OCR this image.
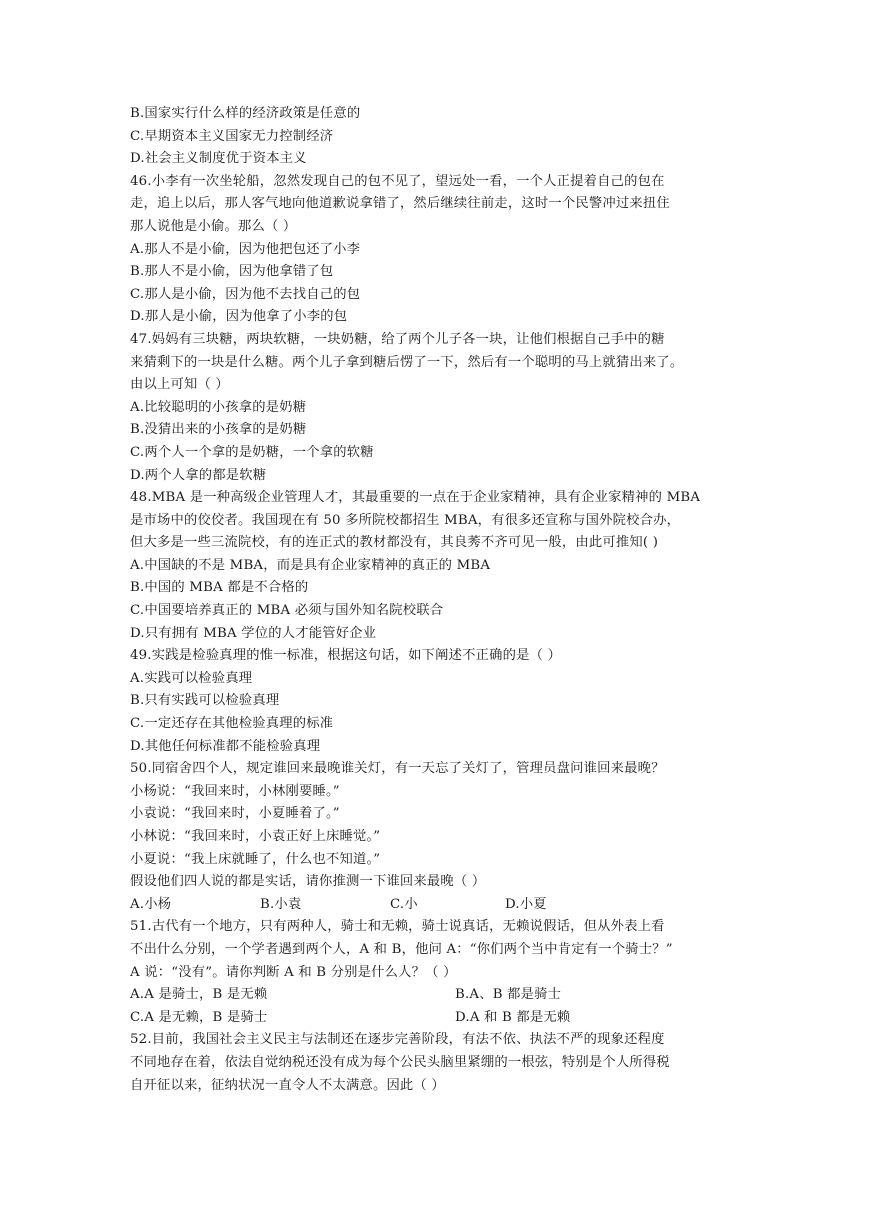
B.国家实行什么样的经济政策是任意的
C.早期资本主义国家无力控制经济
D.社会主义制度优于资本主义
46.小李有一次坐轮船，忽然发现自己的包不见了，望远处一看，一个人正提着自己的包在
走，追上以后，那人客气地向他道歉说拿错了，然后继续往前走，这时一个民警冲过来扭住
那人说他是小偷。那么（ ）
A.那人不是小偷，因为他把包还了小李
B.那人不是小偷，因为他拿错了包
C.那人是小偷，因为他不去找自己的包
D.那人是小偷，因为他拿了小李的包
47.妈妈有三块糖，两块软糖，一块奶糖，给了两个儿子各一块，让他们根据自己手中的糖
来猜剩下的一块是什么糖。两个儿子拿到糖后愣了一下，然后有一个聪明的马上就猜出来了。
由以上可知（ ）
A.比较聪明的小孩拿的是奶糖
B.没猜出来的小孩拿的是奶糖
C.两个人一个拿的是奶糖，一个拿的软糖
D.两个人拿的都是软糖
48.MBA 是一种高级企业管理人才，其最重要的一点在于企业家精神，具有企业家精神的 MBA
是市场中的佼佼者。我国现在有 50 多所院校都招生 MBA，有很多还宣称与国外院校合办，
但大多是一些三流院校，有的连正式的教材都没有，其良莠不齐可见一般，由此可推知( )
A.中国缺的不是 MBA，而是具有企业家精神的真正的 MBA
B.中国的 MBA 都是不合格的
C.中国要培养真正的 MBA 必须与国外知名院校联合
D.只有拥有 MBA 学位的人才能管好企业
49.实践是检验真理的惟一标准，根据这句话，如下阐述不正确的是（ ）
A.实践可以检验真理
B.只有实践可以检验真理
C.一定还存在其他检验真理的标准
D.其他任何标准都不能检验真理
50.同宿舍四个人，规定谁回来最晚谁关灯，有一天忘了关灯了，管理员盘问谁回来最晚？
小杨说：“我回来时，小林刚要睡。”
小袁说：“我回来时，小夏睡着了。”
小林说：“我回来时，小袁正好上床睡觉。”
小夏说：“我上床就睡了，什么也不知道。”
假设他们四人说的都是实话，请你推测一下谁回来最晚（ ）
A.小杨	B.小袁	C.小	D.小夏
51.古代有一个地方，只有两种人，骑士和无赖，骑士说真话，无赖说假话，但从外表上看
不出什么分别，一个学者遇到两个人，A 和 B，他问 A：“你们两个当中肯定有一个骑士？”
A 说：“没有”。请你判断 A 和 B 分别是什么人？（ ）
A.A 是骑士，B 是无赖	B.A、B 都是骑士
C.A 是无赖，B 是骑士	D.A 和 B 都是无赖
52.目前，我国社会主义民主与法制还在逐步完善阶段，有法不依、执法不严的现象还程度
不同地存在着，依法自觉纳税还没有成为每个公民头脑里紧绷的一根弦，特别是个人所得税
自开征以来，征纳状况一直令人不太满意。因此（ ）
